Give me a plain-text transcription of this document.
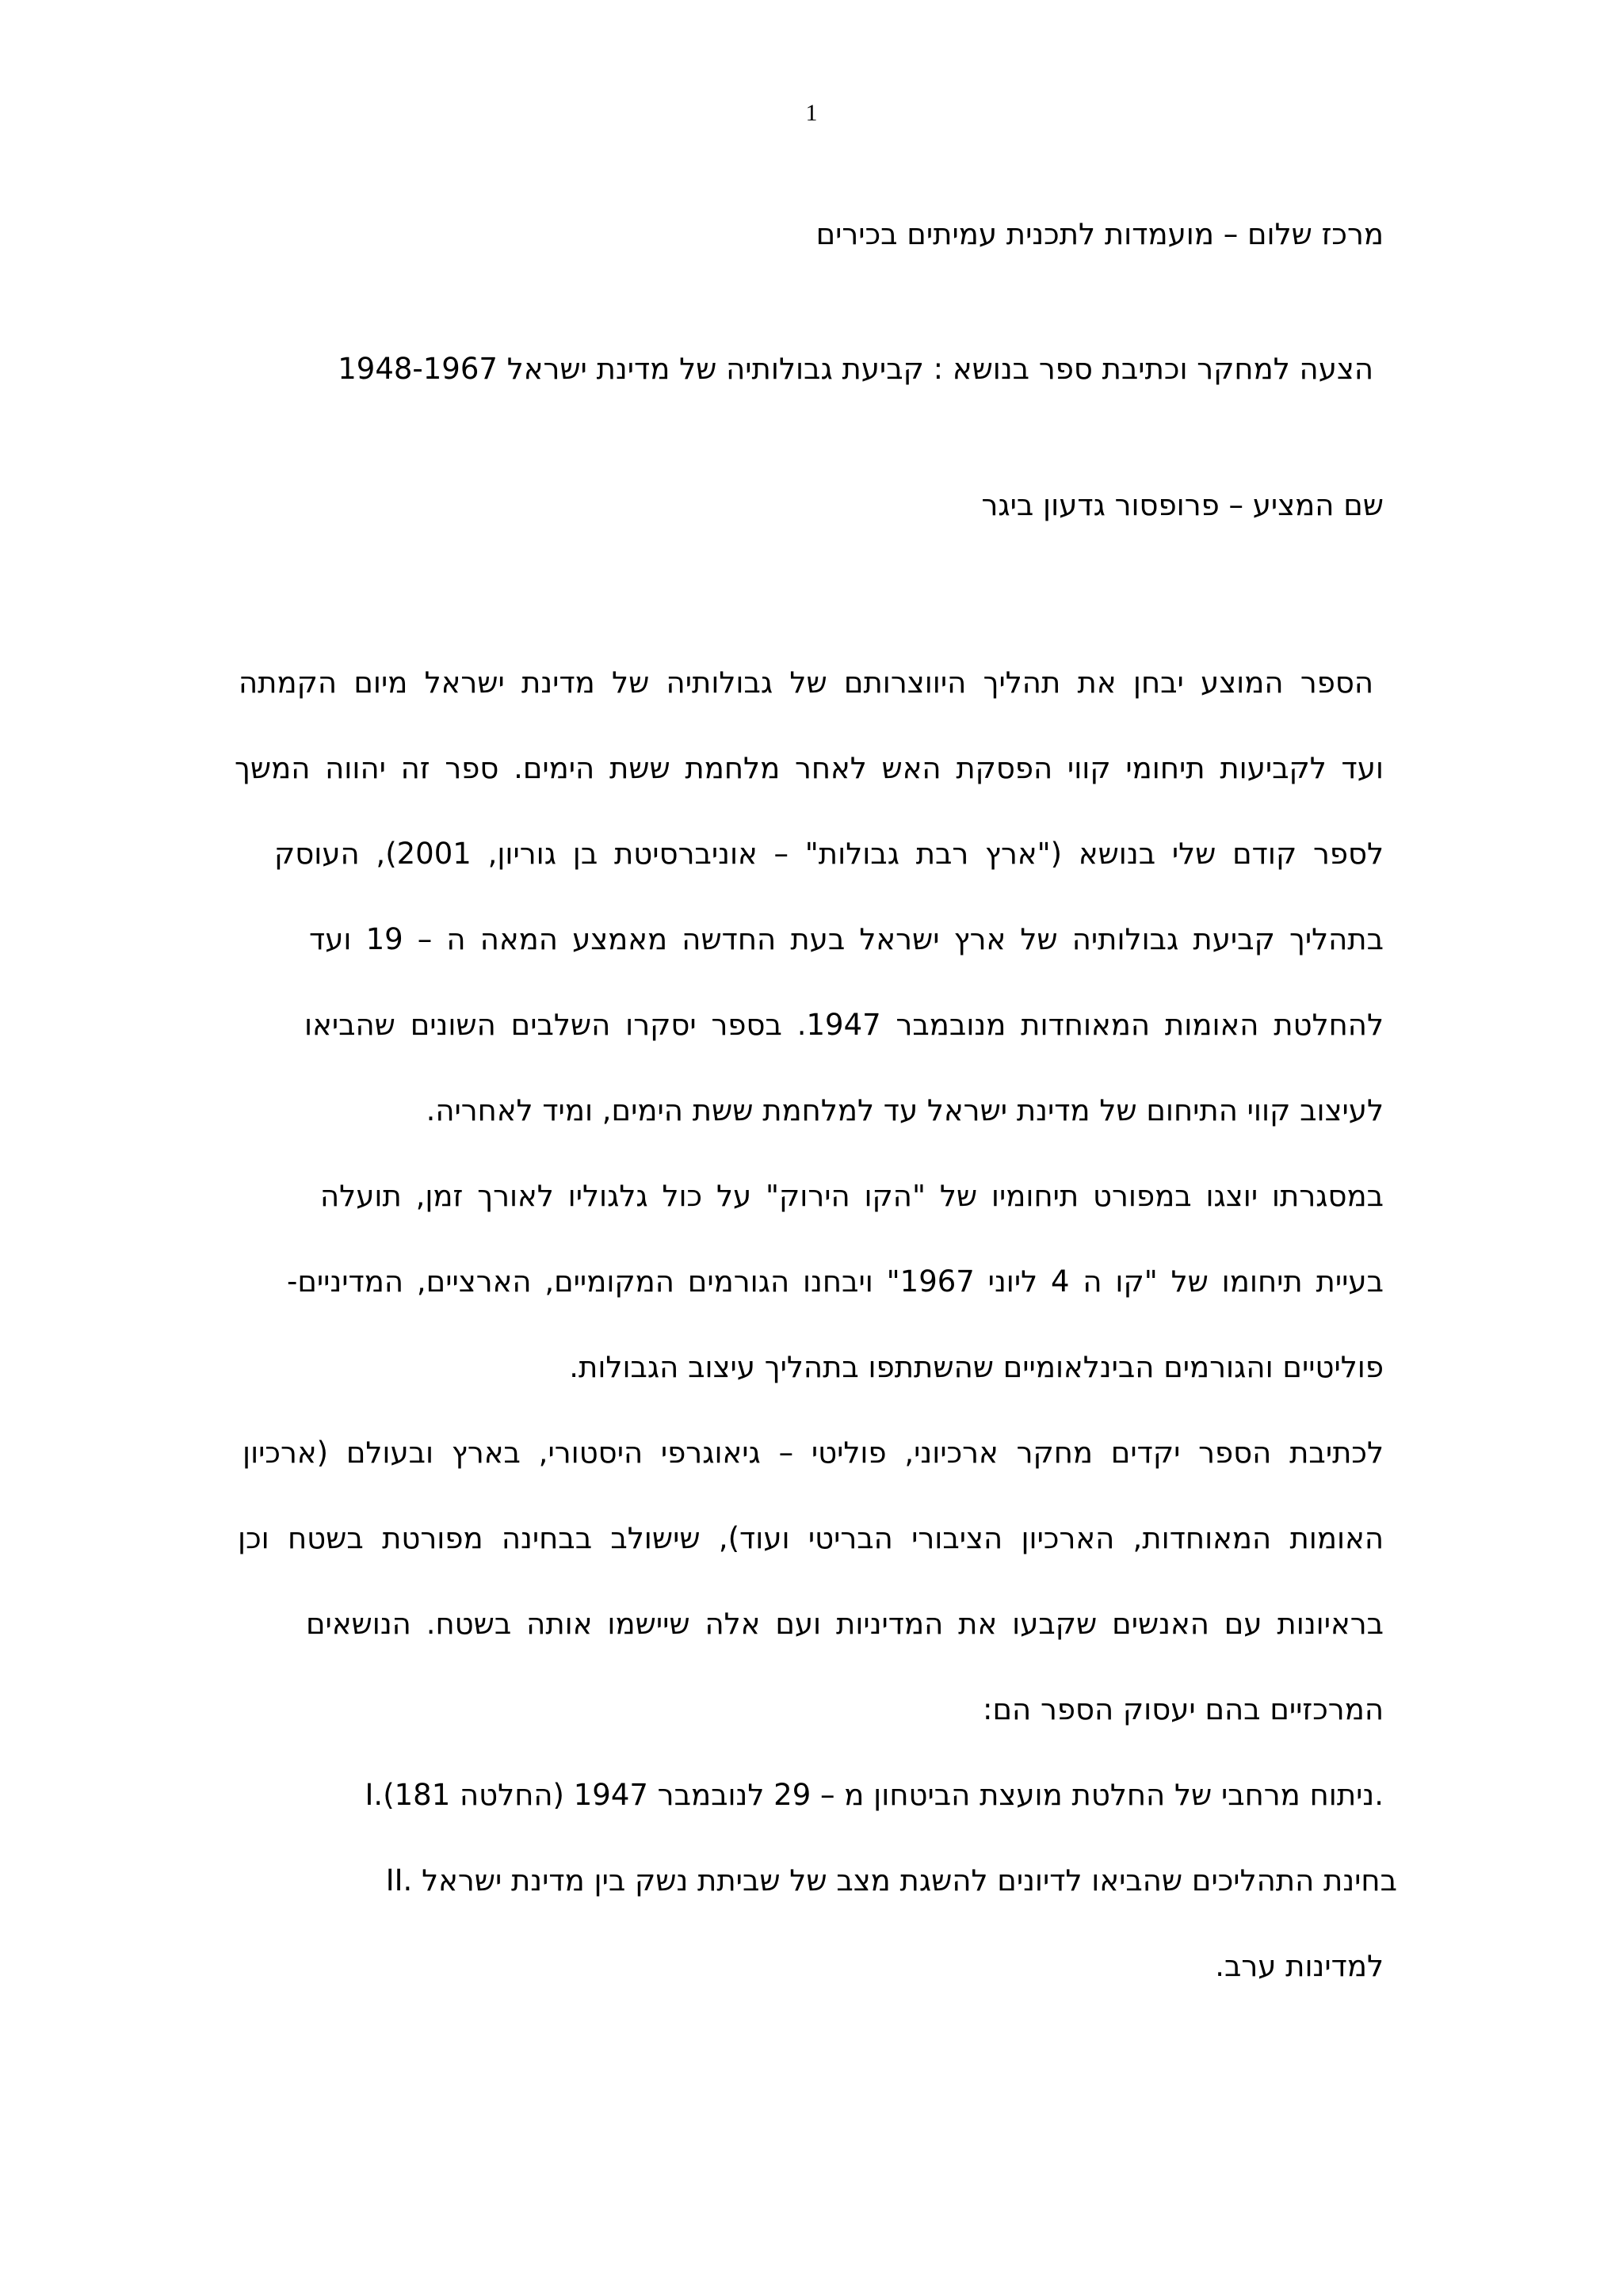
1
מרכז שלום – מועמדות לתכנית עמיתים בכירים
הצעה למחקר וכתיבת ספר בנושא : קביעת גבולותיה של מדינת ישראל 1948-1967
שם המציע – פרופסור גדעון ביגר
הספר המוצע יבחן את תהליך היווצרותם של גבולותיה של מדינת ישראל מיום הקמתה
ועד לקביעות תיחומי קווי הפסקת האש לאחר מלחמת ששת הימים. ספר זה יהווה המשך
לספר קודם שלי בנושא ("ארץ רבת גבולות" – אוניברסיטת בן גוריון, 2001), העוסק
בתהליך קביעת גבולותיה של ארץ ישראל בעת החדשה מאמצע המאה ה – 19 ועד
להחלטת האומות המאוחדות מנובמבר 1947. בספר יסקרו השלבים השונים שהביאו
לעיצוב קווי התיחום של מדינת ישראל עד למלחמת ששת הימים, ומיד לאחריה.
במסגרתו יוצגו במפורט תיחומיו של "הקו הירוק" על כול גלגוליו לאורך זמן, תועלה
בעיית תיחומו של "קו ה 4 ליוני 1967" ויבחנו הגורמים המקומיים, הארציים, המדיניים-
פוליטיים והגורמים הבינלאומיים שהשתתפו בתהליך עיצוב הגבולות.
לכתיבת הספר יקדים מחקר ארכיוני, פוליטי – גיאוגרפי היסטורי, בארץ ובעולם (ארכיון
האומות המאוחדות, הארכיון הציבורי הבריטי ועוד), שישולב בבחינה מפורטת בשטח וכן
בראיונות עם האנשים שקבעו את המדיניות ועם אלה שיישמו אותה בשטח. הנושאים
המרכזיים בהם יעסוק הספר הם:
I.ניתוח מרחבי של החלטת מועצת הביטחון מ – 29 לנובמבר 1947 (החלטה 181).
II. בחינת התהליכים שהביאו לדיונים להשגת מצב של שביתת נשק בין מדינת ישראל
למדינות ערב.
